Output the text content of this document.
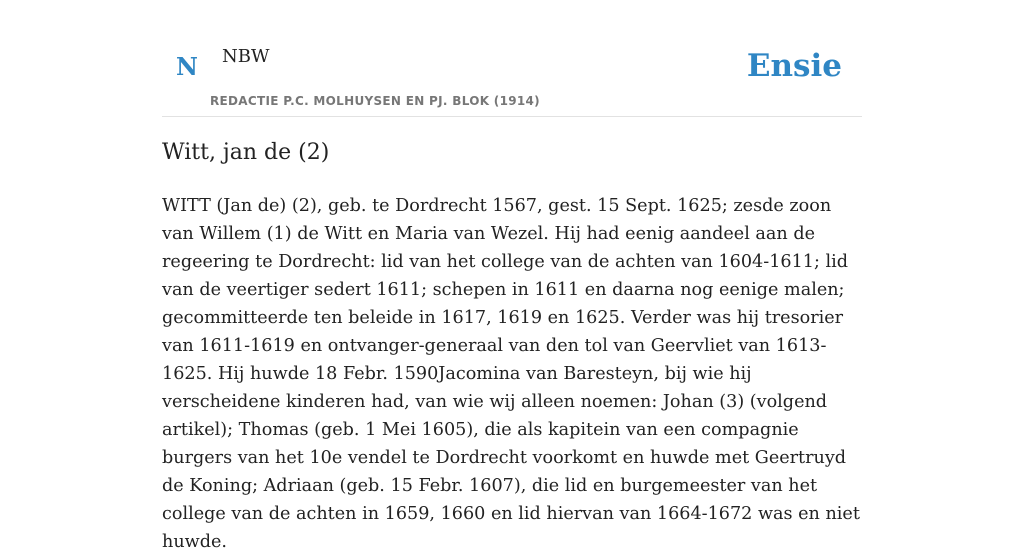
N NBW
REDACTIE P.C. MOLHUYSEN EN PJ. BLOK (1914)
Ensie
Witt, jan de (2)

WITT (Jan de) (2), geb. te Dordrecht 1567, gest. 15 Sept. 1625; zesde zoon van Willem (1) de Witt en Maria van Wezel. Hij had eenig aandeel aan de regeering te Dordrecht: lid van het college van de achten van 1604-1611; lid van de veertiger sedert 1611; schepen in 1611 en daarna nog eenige malen; gecommitteerde ten beleide in 1617, 1619 en 1625. Verder was hij tresorier van 1611-1619 en ontvanger-generaal van den tol van Geervliet van 1613-1625. Hij huwde 18 Febr. 1590Jacomina van Baresteyn, bij wie hij verscheidene kinderen had, van wie wij alleen noemen: Johan (3) (volgend artikel); Thomas (geb. 1 Mei 1605), die als kapitein van een compagnie burgers van het 10e vendel te Dordrecht voorkomt en huwde met Geertruyd de Koning; Adriaan (geb. 15 Febr. 1607), die lid en burgemeester van het college van de achten in 1659, 1660 en lid hiervan van 1664-1672 was en niet huwde.
